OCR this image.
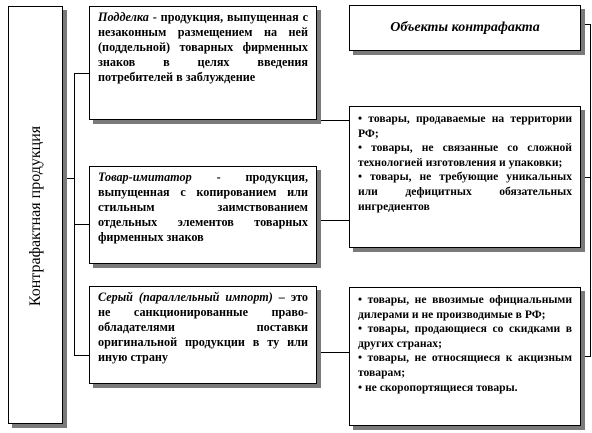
Контрафактная продукция
Подделка - продукция, выпущенная с незаконным размещением на ней (поддельной) товарных фирменных знаков в целях введения потребителей в заблуждение
Товар-имитатор - продукция, выпущенная с копированием или стильным заимствованием отдельных элементов товарных фирменных знаков
Серый (параллельный импорт) – это не санкционированные право-обладателями поставки оригинальной продукции в ту или иную страну
Объекты контрафакта
• товары, продаваемые на территории РФ;
• товары, не связанные со сложной технологией изготовления и упаковки;
• товары, не требующие уникальных или дефицитных обязательных ингредиентов
• товары, не ввозимые официальными дилерами и не производимые в РФ;
• товары, продающиеся со скидками в других странах;
• товары, не относящиеся к акцизным товарам;
• не скоропортящиеся товары.
